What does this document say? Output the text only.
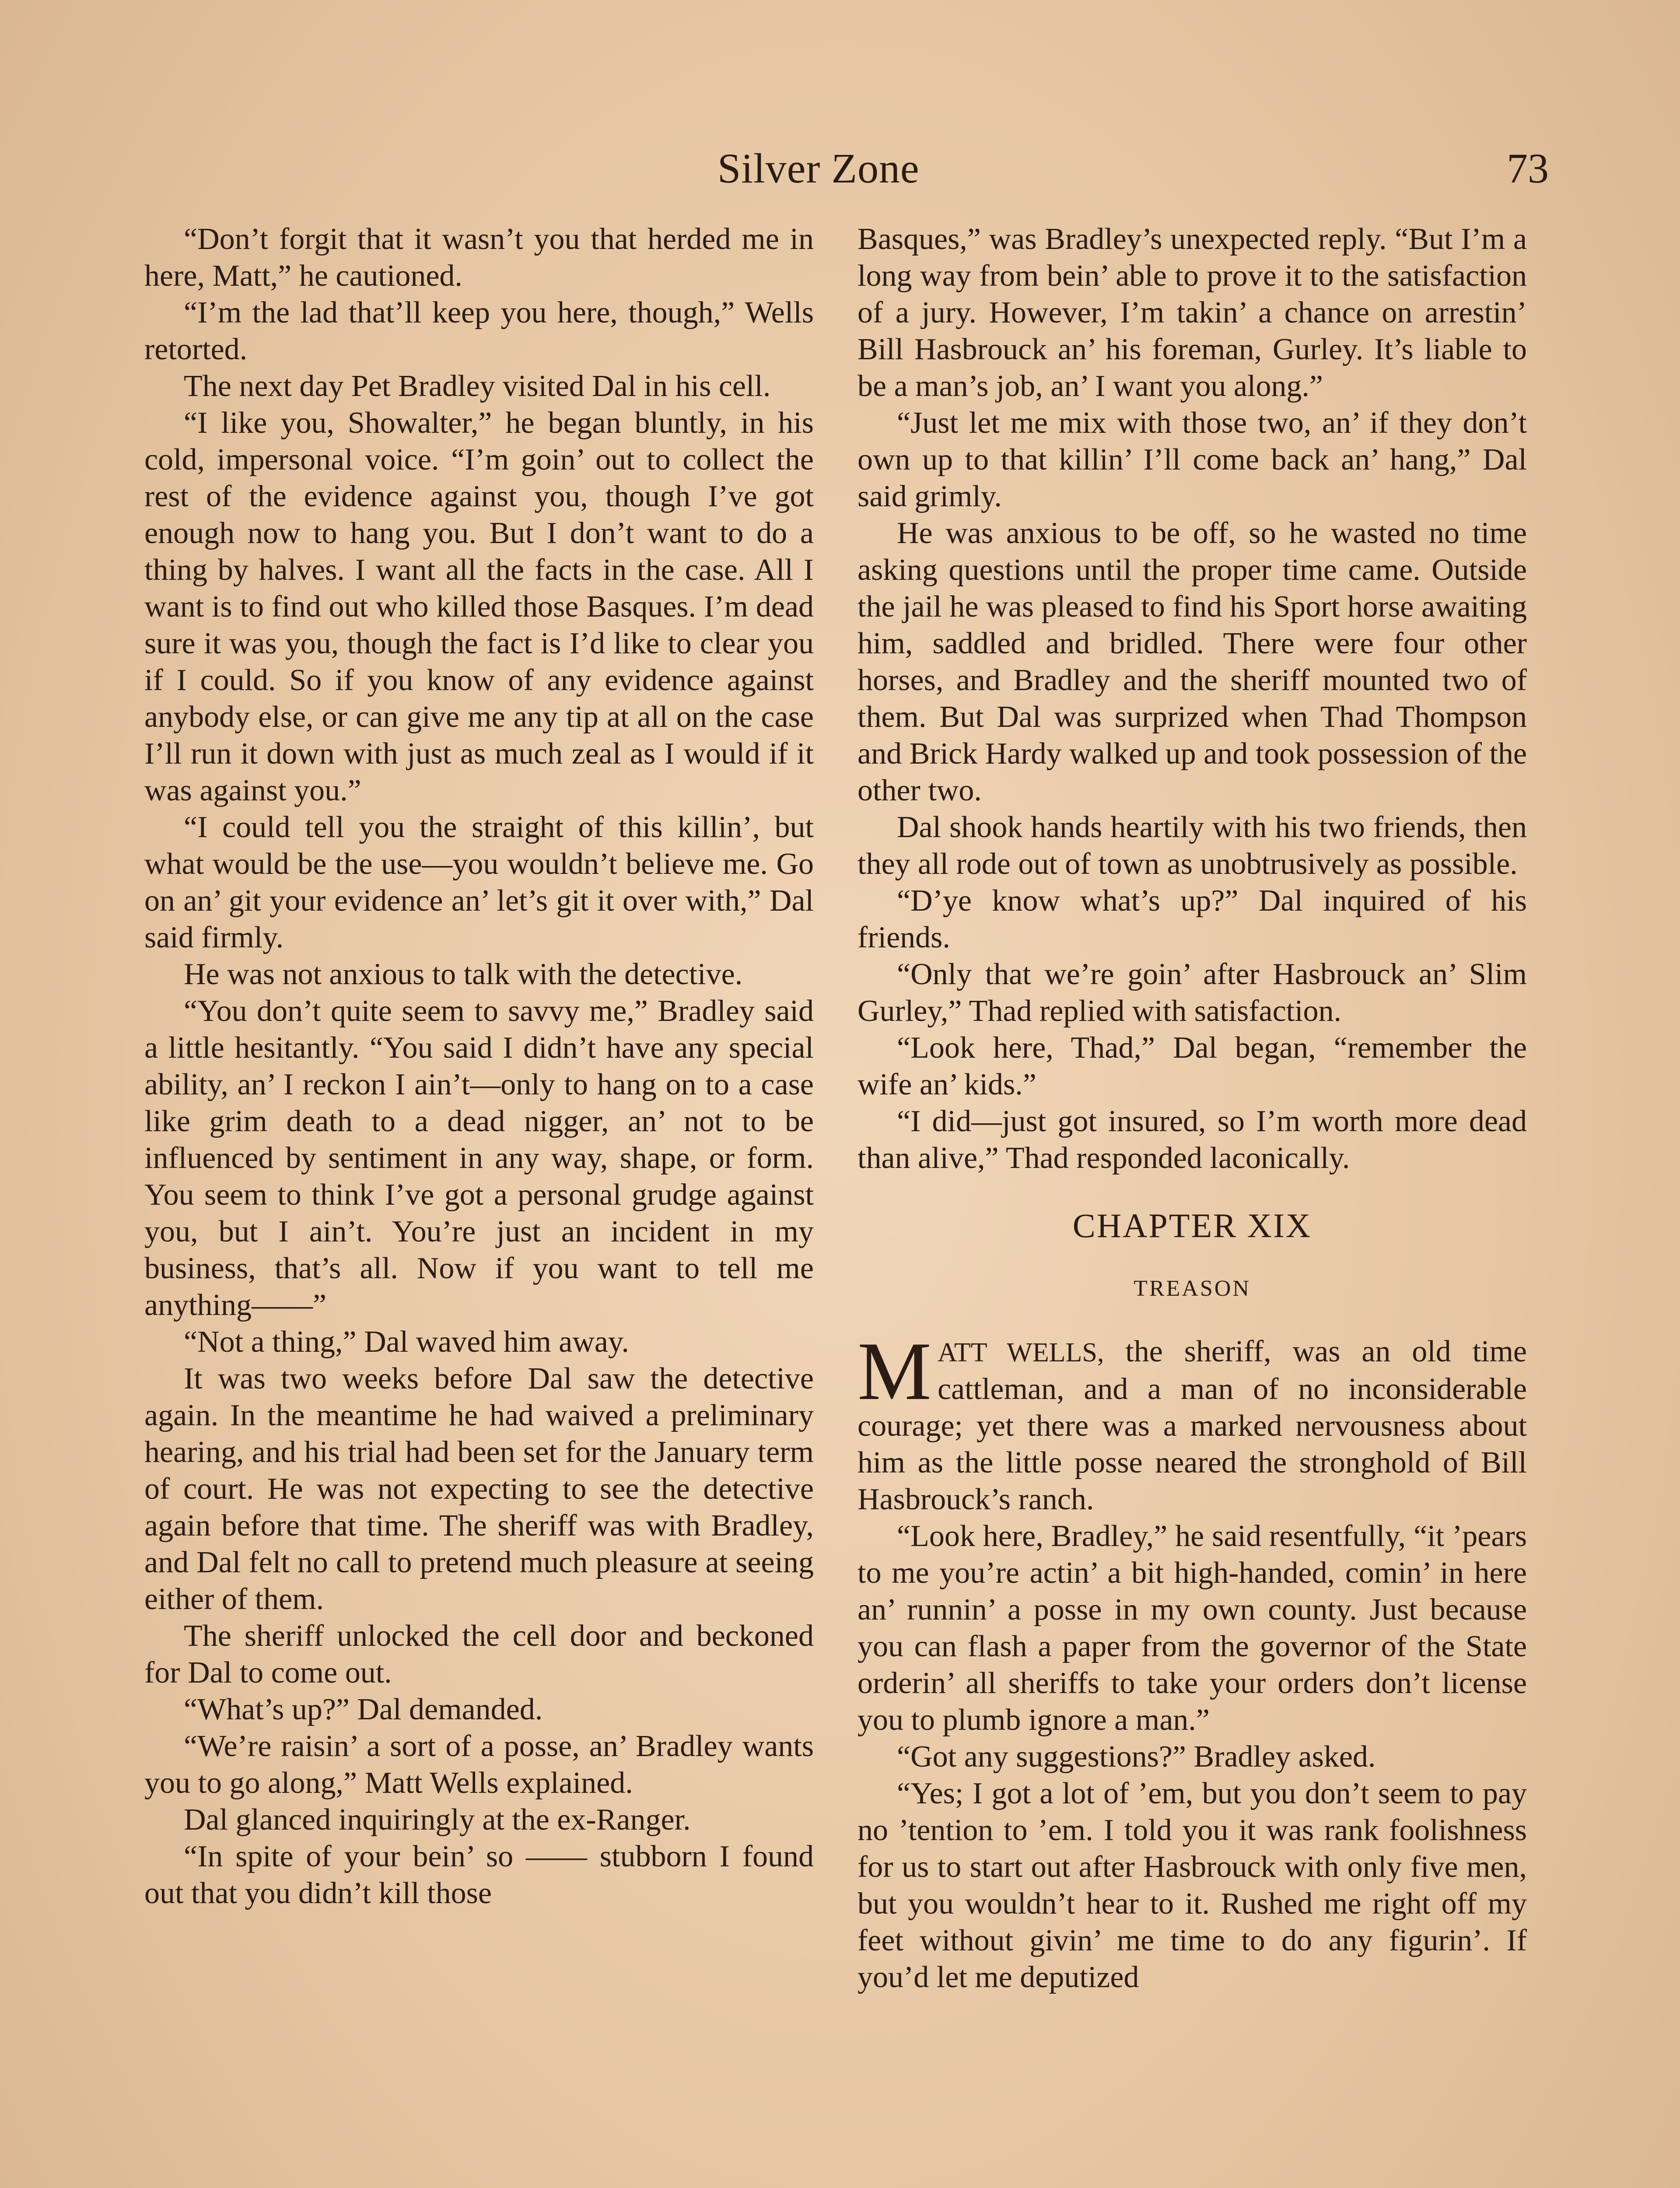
Silver Zone	73

“Don’t forgit that it wasn’t you that herded me in here, Matt,” he cautioned.

“I’m the lad that’ll keep you here, though,” Wells retorted.

The next day Pet Bradley visited Dal in his cell.

“I like you, Showalter,” he began bluntly, in his cold, impersonal voice. “I’m goin’ out to collect the rest of the evidence against you, though I’ve got enough now to hang you. But I don’t want to do a thing by halves. I want all the facts in the case. All I want is to find out who killed those Basques. I’m dead sure it was you, though the fact is I’d like to clear you if I could. So if you know of any evidence against anybody else, or can give me any tip at all on the case I’ll run it down with just as much zeal as I would if it was against you.”

“I could tell you the straight of this killin’, but what would be the use—you wouldn’t believe me. Go on an’ git your evidence an’ let’s git it over with,” Dal said firmly.

He was not anxious to talk with the detective.

“You don’t quite seem to savvy me,” Bradley said a little hesitantly. “You said I didn’t have any special ability, an’ I reckon I ain’t—only to hang on to a case like grim death to a dead nigger, an’ not to be influenced by sentiment in any way, shape, or form. You seem to think I’ve got a personal grudge against you, but I ain’t. You’re just an incident in my business, that’s all. Now if you want to tell me anything——”

“Not a thing,” Dal waved him away.

It was two weeks before Dal saw the detective again. In the meantime he had waived a preliminary hearing, and his trial had been set for the January term of court. He was not expecting to see the detective again before that time. The sheriff was with Bradley, and Dal felt no call to pretend much pleasure at seeing either of them.

The sheriff unlocked the cell door and beckoned for Dal to come out.

“What’s up?” Dal demanded.

“We’re raisin’ a sort of a posse, an’ Bradley wants you to go along,” Matt Wells explained.

Dal glanced inquiringly at the ex-Ranger.

“In spite of your bein’ so —— stubborn I found out that you didn’t kill those

Basques,” was Bradley’s unexpected reply. “But I’m a long way from bein’ able to prove it to the satisfaction of a jury. However, I’m takin’ a chance on arrestin’ Bill Hasbrouck an’ his foreman, Gurley. It’s liable to be a man’s job, an’ I want you along.”

“Just let me mix with those two, an’ if they don’t own up to that killin’ I’ll come back an’ hang,” Dal said grimly.

He was anxious to be off, so he wasted no time asking questions until the proper time came. Outside the jail he was pleased to find his Sport horse awaiting him, saddled and bridled. There were four other horses, and Bradley and the sheriff mounted two of them. But Dal was surprized when Thad Thompson and Brick Hardy walked up and took possession of the other two.

Dal shook hands heartily with his two friends, then they all rode out of town as unobtrusively as possible.

“D’ye know what’s up?” Dal inquired of his friends.

“Only that we’re goin’ after Hasbrouck an’ Slim Gurley,” Thad replied with satisfaction.

“Look here, Thad,” Dal began, “remember the wife an’ kids.”

“I did—just got insured, so I’m worth more dead than alive,” Thad responded laconically.

CHAPTER XIX
TREASON

MATT WELLS, the sheriff, was an old time cattleman, and a man of no inconsiderable courage; yet there was a marked nervousness about him as the little posse neared the stronghold of Bill Hasbrouck’s ranch.

“Look here, Bradley,” he said resentfully, “it ’pears to me you’re actin’ a bit high-handed, comin’ in here an’ runnin’ a posse in my own county. Just because you can flash a paper from the governor of the State orderin’ all sheriffs to take your orders don’t license you to plumb ignore a man.”

“Got any suggestions?” Bradley asked.

“Yes; I got a lot of ’em, but you don’t seem to pay no ’tention to ’em. I told you it was rank foolishness for us to start out after Hasbrouck with only five men, but you wouldn’t hear to it. Rushed me right off my feet without givin’ me time to do any figurin’. If you’d let me deputized
